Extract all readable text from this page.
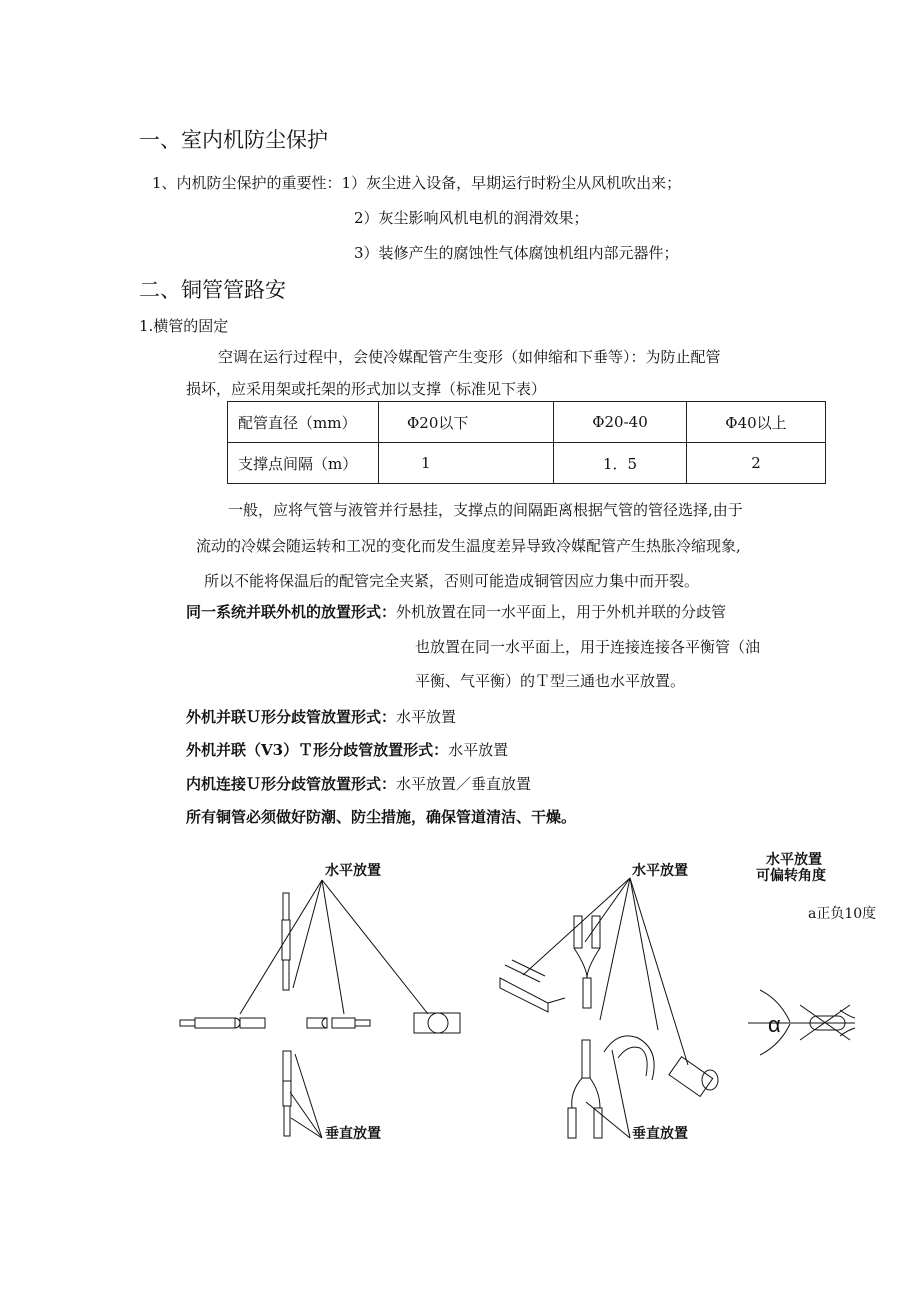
一、室内机防尘保护
1、内机防尘保护的重要性：1）灰尘进入设备，早期运行时粉尘从风机吹出来；
2）灰尘影响风机电机的润滑效果；
3）装修产生的腐蚀性气体腐蚀机组内部元器件；
二、铜管管路安
1.横管的固定
空调在运行过程中，会使冷媒配管产生变形（如伸缩和下垂等）：为防止配管
损坏，应采用架或托架的形式加以支撑（标准见下表）
配管直径（mm）	Φ20以下	Φ20-40	Φ40以上
支撑点间隔（m）	1	1．5	2
一般，应将气管与液管并行悬挂，支撑点的间隔距离根据气管的管径选择,由于
流动的冷媒会随运转和工况的变化而发生温度差异导致冷媒配管产生热胀冷缩现象,
所以不能将保温后的配管完全夹紧，否则可能造成铜管因应力集中而开裂。
同一系统并联外机的放置形式：外机放置在同一水平面上，用于外机并联的分歧管
也放置在同一水平面上，用于连接连接各平衡管（油
平衡、气平衡）的Ｔ型三通也水平放置。
外机并联Ｕ形分歧管放置形式：水平放置
外机并联（V3）Ｔ形分歧管放置形式：水平放置
内机连接Ｕ形分歧管放置形式：水平放置／垂直放置
所有铜管必须做好防潮、防尘措施，确保管道清洁、干燥。
水平放置
垂直放置
水平放置
垂直放置
水平放置
可偏转角度
a正负10度
α
